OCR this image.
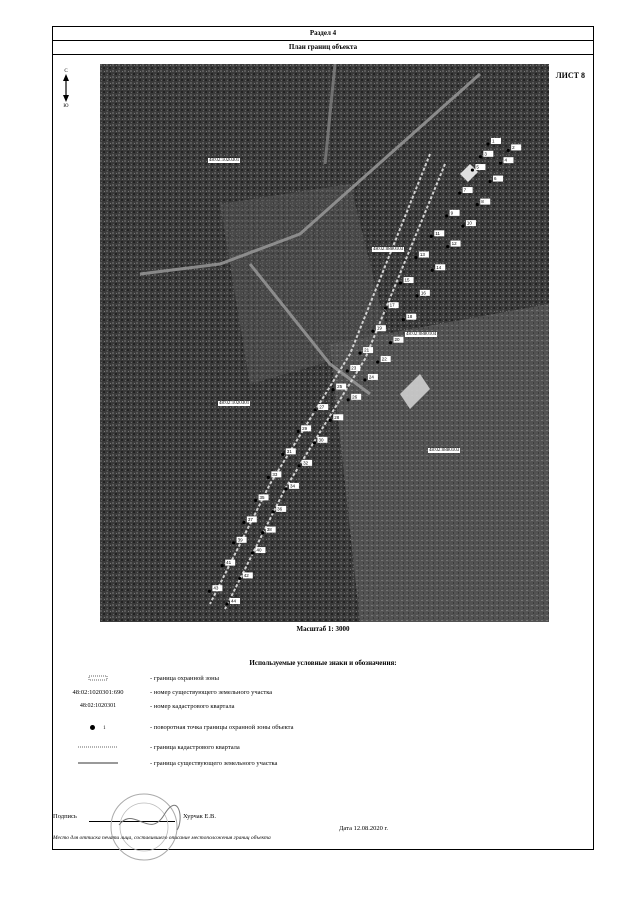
Раздел 4
План границ объекта
С
Ю
ЛИСТ 8
1
2
3
4
5
6
7
8
9
10
11
12
13
14
15
16
17
18
19
20
21
22
23
24
25
26
27
28
29
30
31
32
33
34
35
36
37
38
39
40
41
42
43
44
48:02:1020301
48:02:0880103
48:02:0880104
48:02:1020301
48:02:0880103
Масштаб 1: 3000
Используемые условные знаки и обозначения:
- граница охранной зоны
48:02:1020301:690	- номер существующего земельного участка
48:02:1020301	- номер кадастрового квартала
1	- поворотная точка границы охранной зоны объекта
- граница кадастрового квартала
- граница существующего земельного участка
Подпись	Хурчак Е.В.
Дата 12.08.2020 г.
Место для оттиска печати лица, составившего описание местоположения границ объекта
